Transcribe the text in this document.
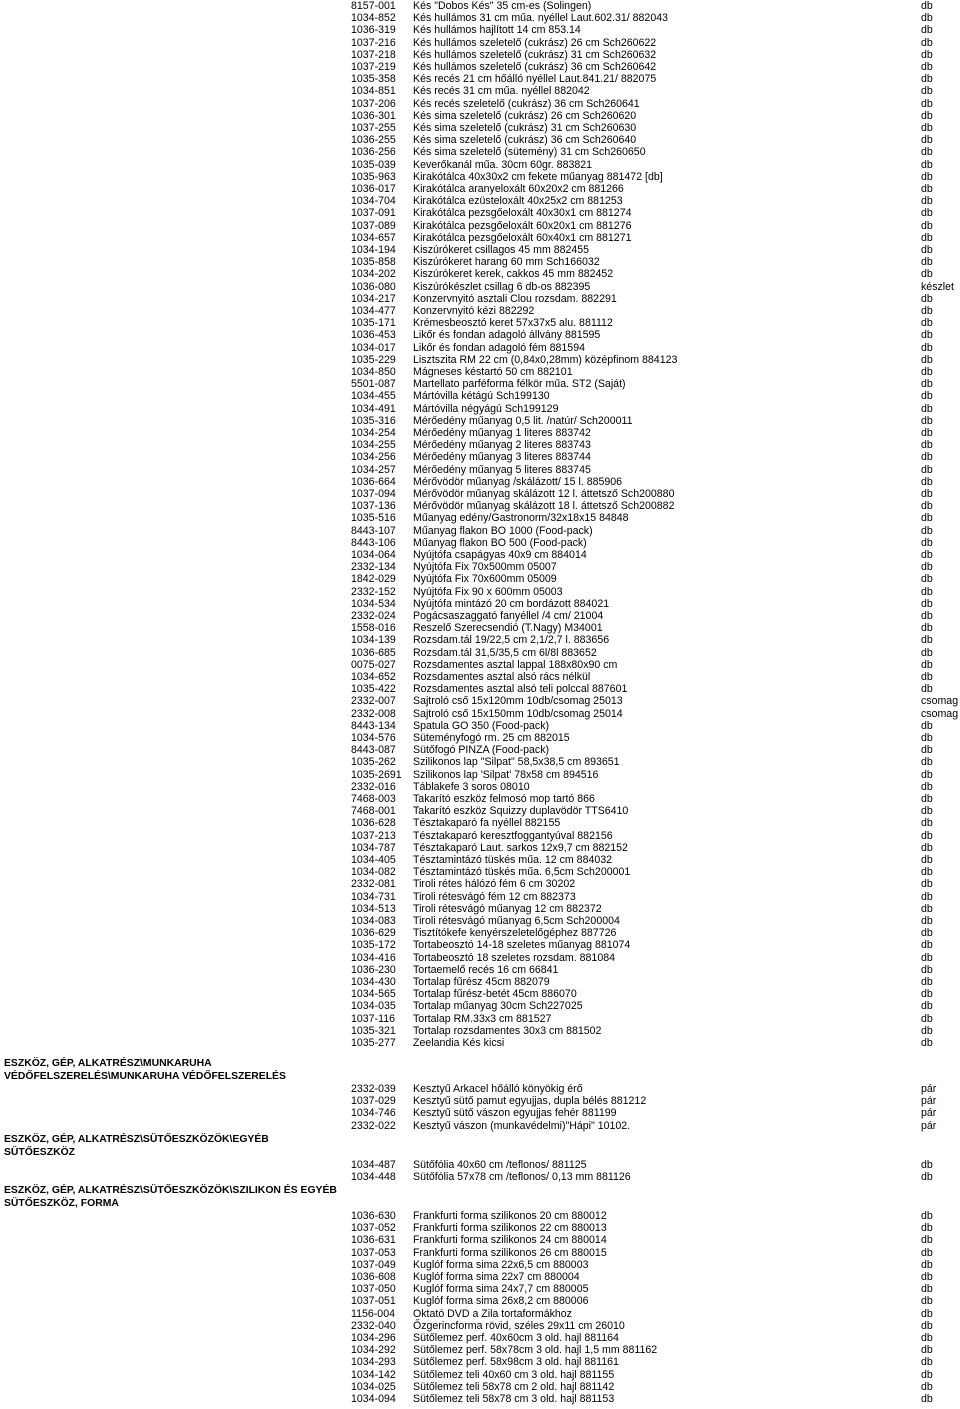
ESZKÖZ, GÉP, ALKATRÉSZ\MUNKARUHA VÉDŐFELSZERELÉS\MUNKARUHA VÉDŐFELSZERELÉS
ESZKÖZ, GÉP, ALKATRÉSZ\SÜTŐESZKÖZÖK\EGYÉB SÜTŐESZKÖZ
ESZKÖZ, GÉP, ALKATRÉSZ\SÜTŐESZKÖZÖK\SZILIKON ÉS EGYÉB SÜTŐESZKÖZ, FORMA
8157-001 Kés "Dobos Kés" 35 cm-es (Solingen)	db
1034-852 Kés hullámos 31 cm műa. nyéllel Laut.602.31/ 882043	db
1036-319 Kés hullámos hajlított 14 cm 853.14	db
1037-216 Kés hullámos szeletelő (cukrász) 26 cm Sch260622	db
1037-218 Kés hullámos szeletelő (cukrász) 31 cm Sch260632	db
1037-219 Kés hullámos szeletelő (cukrász) 36 cm Sch260642	db
1035-358 Kés recés 21 cm hőálló nyéllel Laut.841.21/ 882075	db
1034-851 Kés recés 31 cm műa. nyéllel 882042	db
1037-206 Kés recés szeletelő (cukrász) 36 cm Sch260641	db
1036-301 Kés sima szeletelő (cukrász) 26 cm Sch260620	db
1037-255 Kés sima szeletelő (cukrász) 31 cm Sch260630	db
1036-255 Kés sima szeletelő (cukrász) 36 cm Sch260640	db
1036-256 Kés sima szeletelő (sütemény) 31 cm Sch260650	db
1035-039 Keverőkanál műa. 30cm 60gr. 883821	db
1035-963 Kirakótálca 40x30x2 cm fekete műanyag 881472 [db]	db
1036-017 Kirakótálca aranyeloxált 60x20x2 cm 881266	db
1034-704 Kirakótálca ezüsteloxált 40x25x2 cm 881253	db
1037-091 Kirakótálca pezsgőeloxált 40x30x1 cm 881274	db
1037-089 Kirakótálca pezsgőeloxált 60x20x1 cm 881276	db
1034-657 Kirakótálca pezsgőeloxált 60x40x1 cm 881271	db
1034-194 Kiszúrókeret csillagos 45 mm 882455	db
1035-858 Kiszúrókeret harang 60 mm Sch166032	db
1034-202 Kiszúrókeret kerek, cakkos 45 mm 882452	db
1036-080 Kiszúrókészlet csillag 6 db-os 882395	készlet
1034-217 Konzervnyitó asztali Clou rozsdam. 882291	db
1034-477 Konzervnyitó kézi 882292	db
1035-171 Krémesbeosztó keret 57x37x5 alu. 881112	db
1036-453 Likőr és fondan adagoló állvány 881595	db
1034-017 Likőr és fondan adagoló fém 881594	db
1035-229 Lisztszita RM 22 cm (0,84x0,28mm) középfinom 884123	db
1034-850 Mágneses késtartó 50 cm 882101	db
5501-087 Martellato parféforma félkör műa. ST2 (Saját)	db
1034-455 Mártóvilla kétágú Sch199130	db
1034-491 Mártóvilla négyágú Sch199129	db
1035-316 Mérőedény műanyag 0,5 lit. /natúr/ Sch200011	db
1034-254 Mérőedény műanyag 1 literes 883742	db
1034-255 Mérőedény műanyag 2 literes 883743	db
1034-256 Mérőedény műanyag 3 literes 883744	db
1034-257 Mérőedény műanyag 5 literes 883745	db
1036-664 Mérővödör műanyag /skálázott/ 15 l. 885906	db
1037-094 Mérővödör műanyag skálázott 12 l. áttetsző Sch200880	db
1037-136 Mérővödör műanyag skálázott 18 l. áttetsző Sch200882	db
1035-516 Műanyag edény/Gastronorm/32x18x15 84848	db
8443-107 Műanyag flakon BO 1000 (Food-pack)	db
8443-106 Műanyag flakon BO 500 (Food-pack)	db
1034-064 Nyújtófa csapágyas 40x9 cm 884014	db
2332-134 Nyújtófa Fix 70x500mm 05007	db
1842-029 Nyújtófa Fix 70x600mm 05009	db
2332-152 Nyújtófa Fix 90 x 600mm 05003	db
1034-534 Nyújtófa mintázó 20 cm bordázott 884021	db
2332-024 Pogácsaszaggató fanyéllel /4 cm/ 21004	db
1558-016 Reszelő Szerecsendió (T.Nagy) M34001	db
1034-139 Rozsdam.tál 19/22,5 cm 2,1/2,7 l. 883656	db
1036-685 Rozsdam.tál 31,5/35,5 cm 6l/8l 883652	db
0075-027 Rozsdamentes asztal lappal 188x80x90 cm	db
1034-652 Rozsdamentes asztal alsó rács nélkül	db
1035-422 Rozsdamentes asztal alsó teli polccal 887601	db
2332-007 Sajtroló cső 15x120mm 10db/csomag 25013	csomag
2332-008 Sajtroló cső 15x150mm 10db/csomag 25014	csomag
8443-134 Spatula GO 350 (Food-pack)	db
1034-576 Süteményfogó rm. 25 cm 882015	db
8443-087 Sütőfogó PINZA (Food-pack)	db
1035-262 Szilikonos lap "Silpat" 58,5x38,5 cm 893651	db
1035-2691 Szilikonos lap 'Silpat' 78x58 cm 894516	db
2332-016 Táblakefe 3 soros 08010	db
7468-003 Takarító eszköz felmosó mop tartó 866	db
7468-001 Takarító eszköz Squizzy duplavödör TTS6410	db
1036-628 Tésztakaparó fa nyéllel 882155	db
1037-213 Tésztakaparó keresztfoggantyúval 882156	db
1034-787 Tésztakaparó Laut. sarkos 12x9,7 cm 882152	db
1034-405 Tésztamintázó tüskés műa. 12 cm 884032	db
1034-082 Tésztamintázó tüskés műa. 6,5cm Sch200001	db
2332-081 Tiroli rétes hálózó fém 6 cm 30202	db
1034-731 Tiroli rétesvágó fém 12 cm 882373	db
1034-513 Tiroli rétesvágó műanyag 12 cm 882372	db
1034-083 Tiroli rétesvágó műanyag 6,5cm Sch200004	db
1036-629 Tisztítókefe kenyérszeletelőgéphez 887726	db
1035-172 Tortabeosztó 14-18 szeletes műanyag 881074	db
1034-416 Tortabeosztó 18 szeletes rozsdam. 881084	db
1036-230 Tortaemelő recés 16 cm 66841	db
1034-430 Tortalap fűrész 45cm 882079	db
1034-565 Tortalap fűrész-betét 45cm 886070	db
1034-035 Tortalap műanyag 30cm Sch227025	db
1037-116 Tortalap RM.33x3 cm 881527	db
1035-321 Tortalap rozsdamentes 30x3 cm 881502	db
1035-277 Zeelandia Kés kicsi	db
2332-039 Kesztyű Arkacel hőálló könyökig érő	pár
1037-029 Kesztyű sütő pamut egyujjas, dupla bélés 881212	pár
1034-746 Kesztyű sütő vászon egyujjas fehér 881199	pár
2332-022 Kesztyű vászon (munkavédelmi)"Hápi" 10102.	pár
1034-487 Sütőfólia 40x60 cm /teflonos/ 881125	db
1034-448 Sütőfólia 57x78 cm /teflonos/ 0,13 mm 881126	db
1036-630 Frankfurti forma szilikonos 20 cm 880012	db
1037-052 Frankfurti forma szilikonos 22 cm 880013	db
1036-631 Frankfurti forma szilikonos 24 cm 880014	db
1037-053 Frankfurti forma szilikonos 26 cm 880015	db
1037-049 Kuglóf forma sima 22x6,5 cm 880003	db
1036-608 Kuglóf forma sima 22x7 cm 880004	db
1037-050 Kuglóf forma sima 24x7,7 cm 880005	db
1037-051 Kuglóf forma sima 26x8,2 cm 880006	db
1156-004 Oktató DVD a Zila tortaformákhoz	db
2332-040 Őzgerincforma rövid, széles 29x11 cm 26010	db
1034-296 Sütőlemez perf. 40x60cm 3 old. hajl 881164	db
1034-292 Sütőlemez perf. 58x78cm 3 old. hajl 1,5 mm 881162	db
1034-293 Sütőlemez perf. 58x98cm 3 old. hajl 881161	db
1034-142 Sütőlemez teli 40x60 cm 3 old. hajl 881155	db
1034-025 Sütőlemez teli 58x78 cm 2 old. hajl 881142	db
1034-094 Sütőlemez teli 58x78 cm 3 old. hajl 881153	db
